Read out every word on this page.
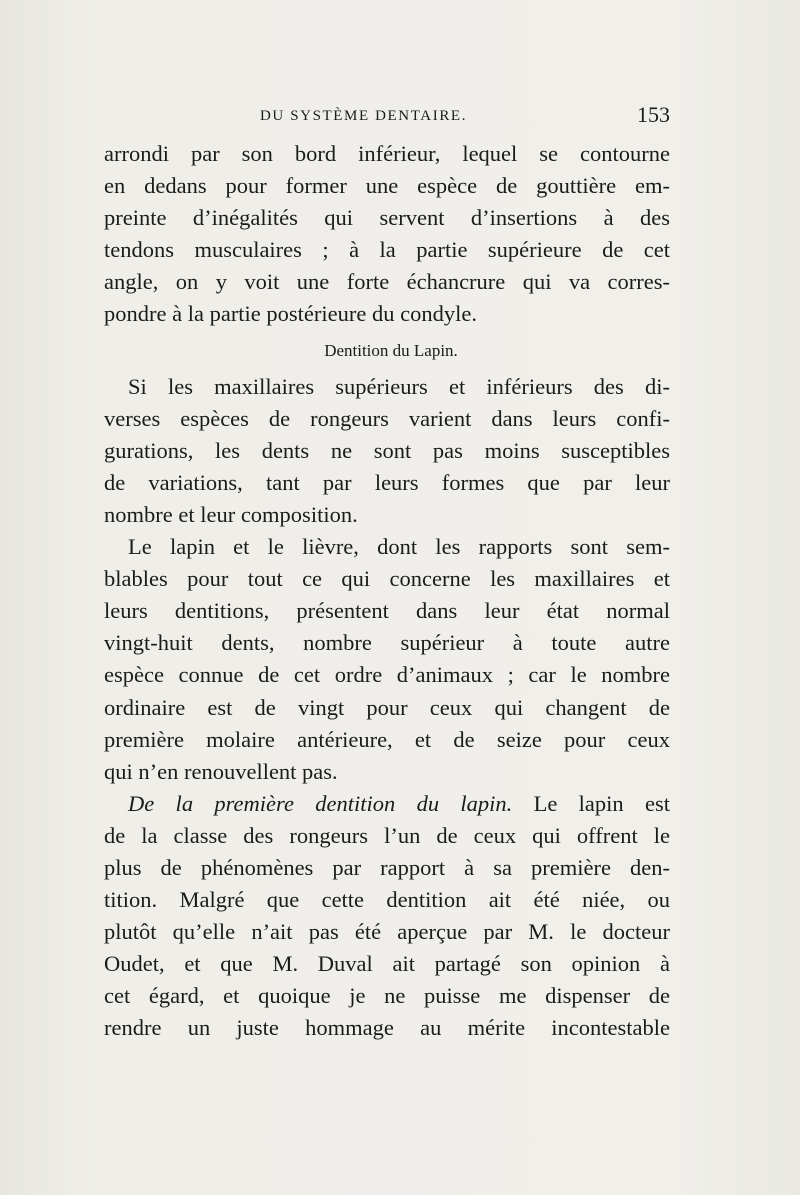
DU SYSTÈME DENTAIRE.	153
arrondi par son bord inférieur, lequel se contourne
en dedans pour former une espèce de gouttière em-
preinte d’inégalités qui servent d’insertions à des
tendons musculaires ; à la partie supérieure de cet
angle, on y voit une forte échancrure qui va corres-
pondre à la partie postérieure du condyle.
Dentition du Lapin.
Si les maxillaires supérieurs et inférieurs des di-
verses espèces de rongeurs varient dans leurs confi-
gurations, les dents ne sont pas moins susceptibles
de variations, tant par leurs formes que par leur
nombre et leur composition.
Le lapin et le lièvre, dont les rapports sont sem-
blables pour tout ce qui concerne les maxillaires et
leurs dentitions, présentent dans leur état normal
vingt-huit dents, nombre supérieur à toute autre
espèce connue de cet ordre d’animaux ; car le nombre
ordinaire est de vingt pour ceux qui changent de
première molaire antérieure, et de seize pour ceux
qui n’en renouvellent pas.
De la première dentition du lapin. Le lapin est
de la classe des rongeurs l’un de ceux qui offrent le
plus de phénomènes par rapport à sa première den-
tition. Malgré que cette dentition ait été niée, ou
plutôt qu’elle n’ait pas été aperçue par M. le docteur
Oudet, et que M. Duval ait partagé son opinion à
cet égard, et quoique je ne puisse me dispenser de
rendre un juste hommage au mérite incontestable
